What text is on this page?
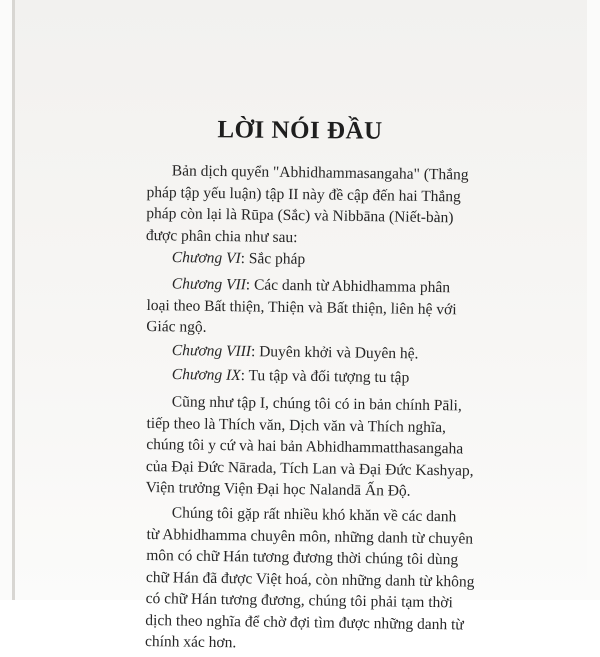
LỜI NÓI ĐẦU
Bản dịch quyển "Abhidhammasangaha" (Thắng
pháp tập yếu luận) tập II này đề cập đến hai Thắng
pháp còn lại là Rūpa (Sắc) và Nibbāna (Niết-bàn)
được phân chia như sau:
Chương VI: Sắc pháp
Chương VII: Các danh từ Abhidhamma phân
loại theo Bất thiện, Thiện và Bất thiện, liên hệ với
Giác ngộ.
Chương VIII: Duyên khởi và Duyên hệ.
Chương IX: Tu tập và đối tượng tu tập
Cũng như tập I, chúng tôi có in bản chính Pāli,
tiếp theo là Thích văn, Dịch văn và Thích nghĩa,
chúng tôi y cứ và hai bản Abhidhammatthasangaha
của Đại Đức Nārada, Tích Lan và Đại Đức Kashyap,
Viện trưởng Viện Đại học Nalandā Ấn Độ.
Chúng tôi gặp rất nhiều khó khăn về các danh
từ Abhidhamma chuyên môn, những danh từ chuyên
môn có chữ Hán tương đương thời chúng tôi dùng
chữ Hán đã được Việt hoá, còn những danh từ không
có chữ Hán tương đương, chúng tôi phải tạm thời
dịch theo nghĩa để chờ đợi tìm được những danh từ
chính xác hơn.
